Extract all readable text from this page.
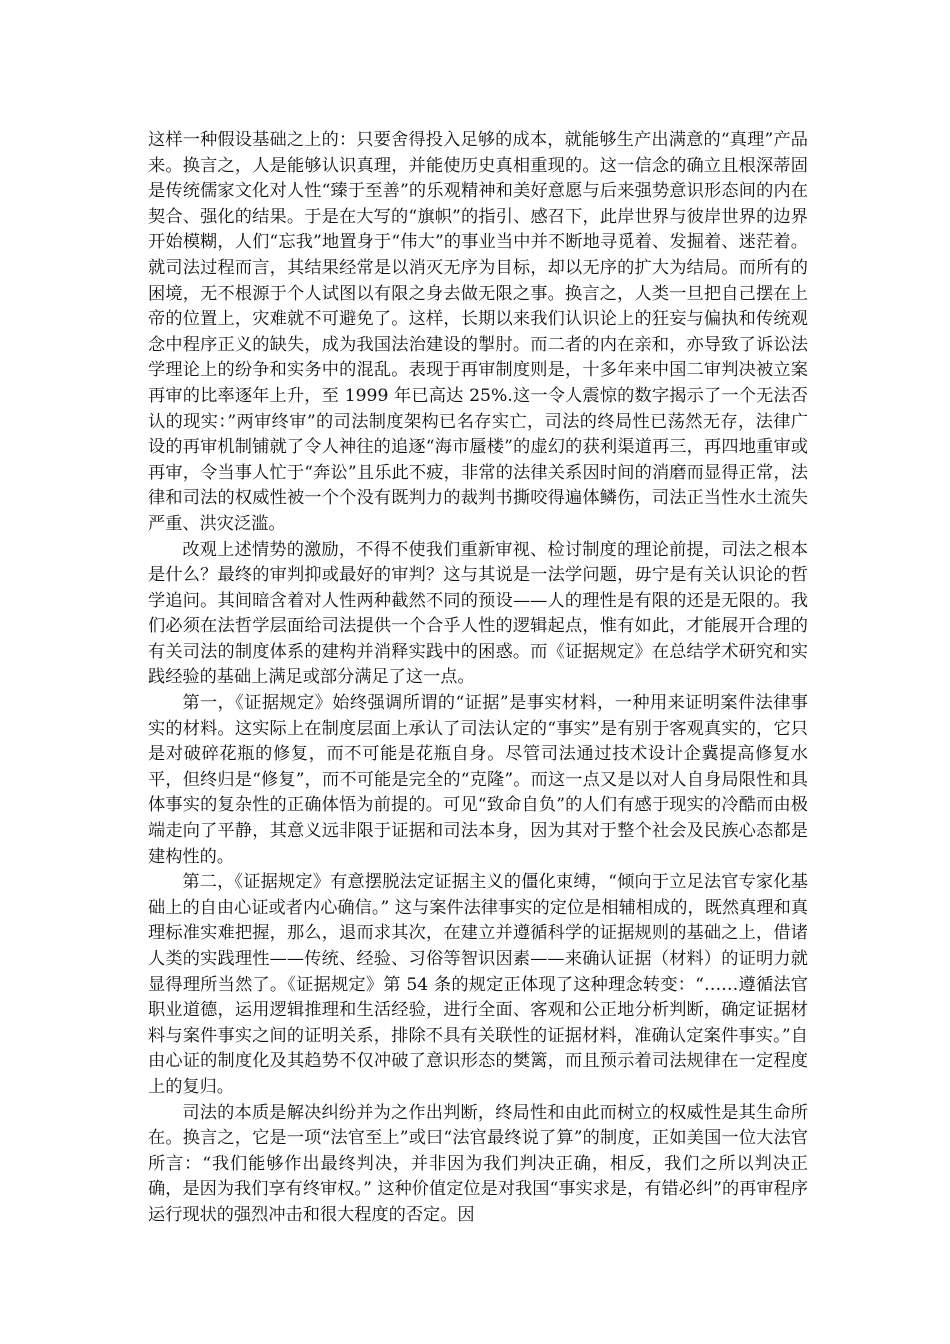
这样一种假设基础之上的：只要舍得投入足够的成本，就能够生产出满意的“真理”产品来。换言之，人是能够认识真理，并能使历史真相重现的。这一信念的确立且根深蒂固是传统儒家文化对人性“臻于至善”的乐观精神和美好意愿与后来强势意识形态间的内在契合、强化的结果。于是在大写的“旗帜”的指引、感召下，此岸世界与彼岸世界的边界开始模糊，人们“忘我”地置身于“伟大”的事业当中并不断地寻觅着、发掘着、迷茫着。就司法过程而言，其结果经常是以消灭无序为目标，却以无序的扩大为结局。而所有的困境，无不根源于个人试图以有限之身去做无限之事。换言之，人类一旦把自己摆在上帝的位置上，灾难就不可避免了。这样，长期以来我们认识论上的狂妄与偏执和传统观念中程序正义的缺失，成为我国法治建设的掣肘。而二者的内在亲和，亦导致了诉讼法学理论上的纷争和实务中的混乱。表现于再审制度则是，十多年来中国二审判决被立案再审的比率逐年上升，至 1999 年已高达 25%.这一令人震惊的数字揭示了一个无法否认的现实：”两审终审”的司法制度架构已名存实亡，司法的终局性已荡然无存，法律广设的再审机制铺就了令人神往的追逐“海市蜃楼”的虚幻的获利渠道再三，再四地重审或再审，令当事人忙于“奔讼”且乐此不疲，非常的法律关系因时间的消磨而显得正常，法律和司法的权威性被一个个没有既判力的裁判书撕咬得遍体鳞伤，司法正当性水土流失严重、洪灾泛滥。

改观上述情势的激励，不得不使我们重新审视、检讨制度的理论前提，司法之根本是什么？最终的审判抑或最好的审判？这与其说是一法学问题，毋宁是有关认识论的哲学追问。其间暗含着对人性两种截然不同的预设——人的理性是有限的还是无限的。我们必须在法哲学层面给司法提供一个合乎人性的逻辑起点，惟有如此，才能展开合理的有关司法的制度体系的建构并消释实践中的困惑。而《证据规定》在总结学术研究和实践经验的基础上满足或部分满足了这一点。

第一，《证据规定》始终强调所谓的“证据”是事实材料，一种用来证明案件法律事实的材料。这实际上在制度层面上承认了司法认定的“事实”是有别于客观真实的，它只是对破碎花瓶的修复，而不可能是花瓶自身。尽管司法通过技术设计企冀提高修复水平，但终归是“修复”，而不可能是完全的“克隆”。而这一点又是以对人自身局限性和具体事实的复杂性的正确体悟为前提的。可见“致命自负”的人们有感于现实的冷酷而由极端走向了平静，其意义远非限于证据和司法本身，因为其对于整个社会及民族心态都是建构性的。

第二，《证据规定》有意摆脱法定证据主义的僵化束缚，“倾向于立足法官专家化基础上的自由心证或者内心确信。” 这与案件法律事实的定位是相辅相成的，既然真理和真理标准实难把握，那么，退而求其次，在建立并遵循科学的证据规则的基础之上，借诸人类的实践理性——传统、经验、习俗等智识因素——来确认证据（材料）的证明力就显得理所当然了。《证据规定》第 54 条的规定正体现了这种理念转变：“……遵循法官职业道德，运用逻辑推理和生活经验，进行全面、客观和公正地分析判断，确定证据材料与案件事实之间的证明关系，排除不具有关联性的证据材料，准确认定案件事实。”自由心证的制度化及其趋势不仅冲破了意识形态的樊篱，而且预示着司法规律在一定程度上的复归。

司法的本质是解决纠纷并为之作出判断，终局性和由此而树立的权威性是其生命所在。换言之，它是一项“法官至上”或曰“法官最终说了算”的制度，正如美国一位大法官所言：“我们能够作出最终判决，并非因为我们判决正确，相反，我们之所以判决正确，是因为我们享有终审权。” 这种价值定位是对我国“事实求是，有错必纠”的再审程序运行现状的强烈冲击和很大程度的否定。因
